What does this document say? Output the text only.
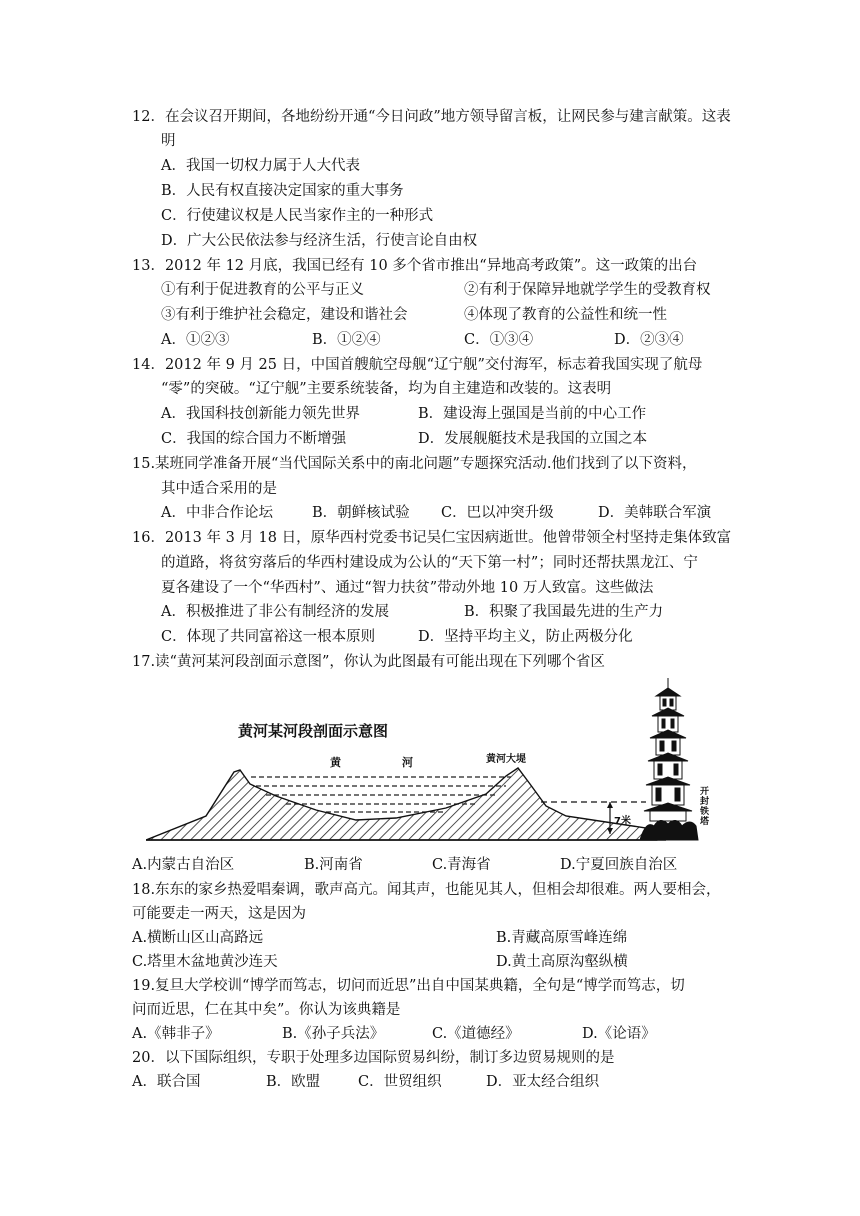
12．在会议召开期间，各地纷纷开通“今日问政”地方领导留言板，让网民参与建言献策。这表
明
A．我国一切权力属于人大代表
B．人民有权直接决定国家的重大事务
C．行使建议权是人民当家作主的一种形式
D．广大公民依法参与经济生活，行使言论自由权
13．2012 年 12 月底，我国已经有 10 多个省市推出“异地高考政策”。这一政策的出台
①有利于促进教育的公平与正义	②有利于保障异地就学学生的受教育权
③有利于维护社会稳定，建设和谐社会	④体现了教育的公益性和统一性
A．①②③	B．①②④	C．①③④	D．②③④
14．2012 年 9 月 25 日，中国首艘航空母舰“辽宁舰”交付海军，标志着我国实现了航母
“零”的突破。“辽宁舰”主要系统装备，均为自主建造和改装的。这表明
A．我国科技创新能力领先世界	B．建设海上强国是当前的中心工作
C．我国的综合国力不断增强	D．发展舰艇技术是我国的立国之本
15.某班同学准备开展“当代国际关系中的南北问题”专题探究活动.他们找到了以下资料，
其中适合采用的是
A．中非合作论坛	B．朝鲜核试验 C．巴以冲突升级	D．美韩联合军演
16．2013 年 3 月 18 日，原华西村党委书记吴仁宝因病逝世。他曾带领全村坚持走集体致富
的道路，将贫穷落后的华西村建设成为公认的“天下第一村”；同时还帮扶黑龙江、宁
夏各建设了一个“华西村”、通过“智力扶贫”带动外地 10 万人致富。这些做法
A．积极推进了非公有制经济的发展	B．积聚了我国最先进的生产力
C．体现了共同富裕这一根本原则	D．坚持平均主义，防止两极分化
17.读“黄河某河段剖面示意图”，你认为此图最有可能出现在下列哪个省区
黄河某河段剖面示意图
黄	河	黄河大堤
7米
开
封
铁
塔
A.内蒙古自治区	B.河南省	C.青海省	D.宁夏回族自治区
18.东东的家乡热爱唱秦调，歌声高亢。闻其声，也能见其人，但相会却很难。两人要相会，
可能要走一两天，这是因为
A.横断山区山高路远	B.青藏高原雪峰连绵
C.塔里木盆地黄沙连天	D.黄土高原沟壑纵横
19.复旦大学校训“博学而笃志，切问而近思”出自中国某典籍，全句是“博学而笃志，切
问而近思，仁在其中矣”。你认为该典籍是
A.《韩非子》	B.《孙子兵法》	C.《道德经》	D.《论语》
20．以下国际组织，专职于处理多边国际贸易纠纷，制订多边贸易规则的是
A．联合国	B．欧盟	C．世贸组织	D．亚太经合组织
